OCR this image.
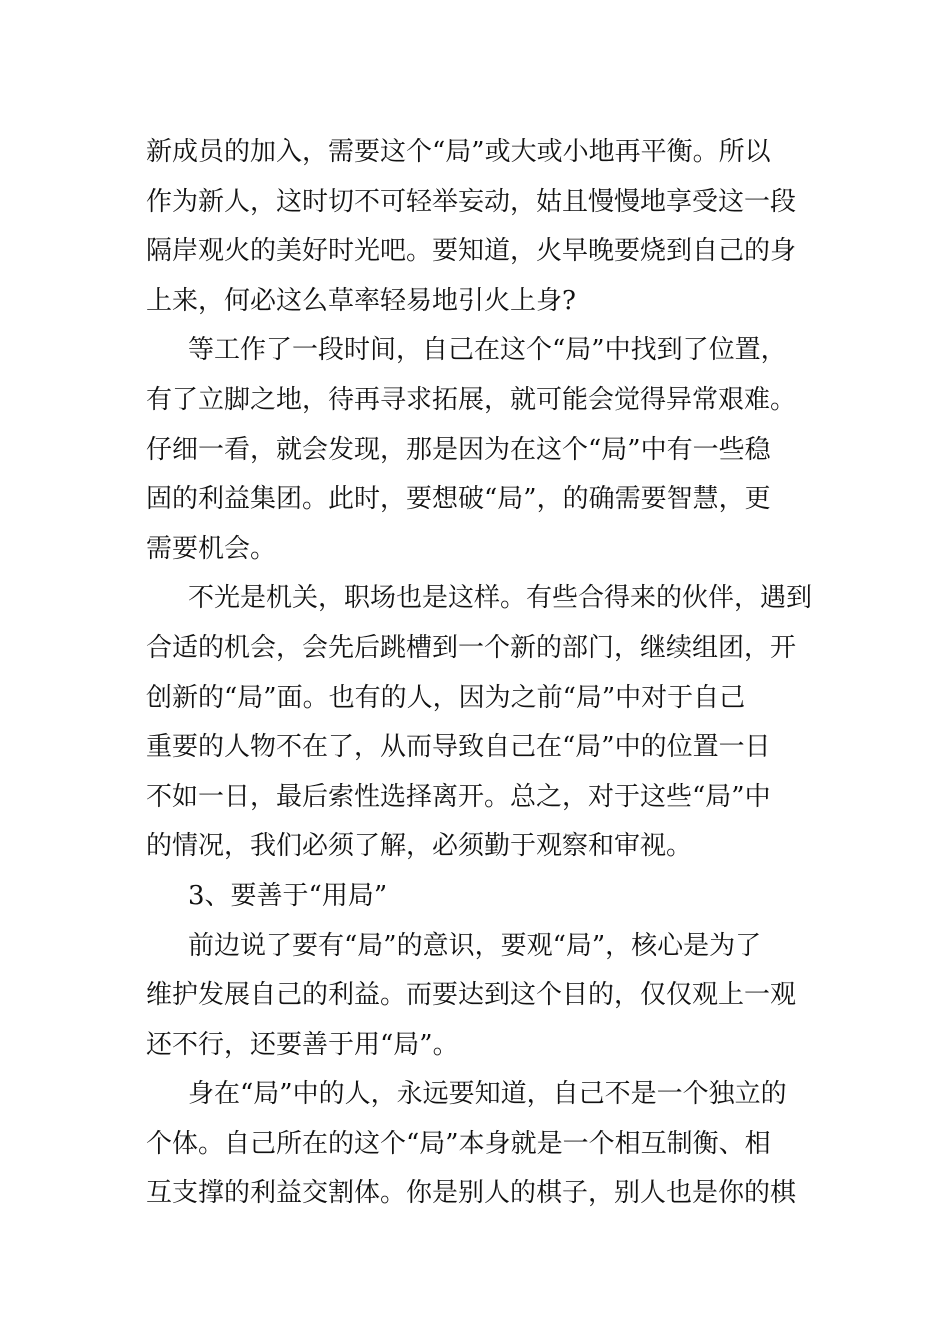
新成员的加入，需要这个“局”或大或小地再平衡。所以
作为新人，这时切不可轻举妄动，姑且慢慢地享受这一段
隔岸观火的美好时光吧。要知道，火早晚要烧到自己的身
上来，何必这么草率轻易地引火上身?
等工作了一段时间，自己在这个“局”中找到了位置，
有了立脚之地，待再寻求拓展，就可能会觉得异常艰难。
仔细一看，就会发现，那是因为在这个“局”中有一些稳
固的利益集团。此时，要想破“局”，的确需要智慧，更
需要机会。
不光是机关，职场也是这样。有些合得来的伙伴，遇到
合适的机会，会先后跳槽到一个新的部门，继续组团，开
创新的“局”面。也有的人，因为之前“局”中对于自己
重要的人物不在了，从而导致自己在“局”中的位置一日
不如一日，最后索性选择离开。总之，对于这些“局”中
的情况，我们必须了解，必须勤于观察和审视。
3、要善于“用局”
前边说了要有“局”的意识，要观“局”，核心是为了
维护发展自己的利益。而要达到这个目的，仅仅观上一观
还不行，还要善于用“局”。
身在“局”中的人，永远要知道，自己不是一个独立的
个体。自己所在的这个“局”本身就是一个相互制衡、相
互支撑的利益交割体。你是别人的棋子，别人也是你的棋
